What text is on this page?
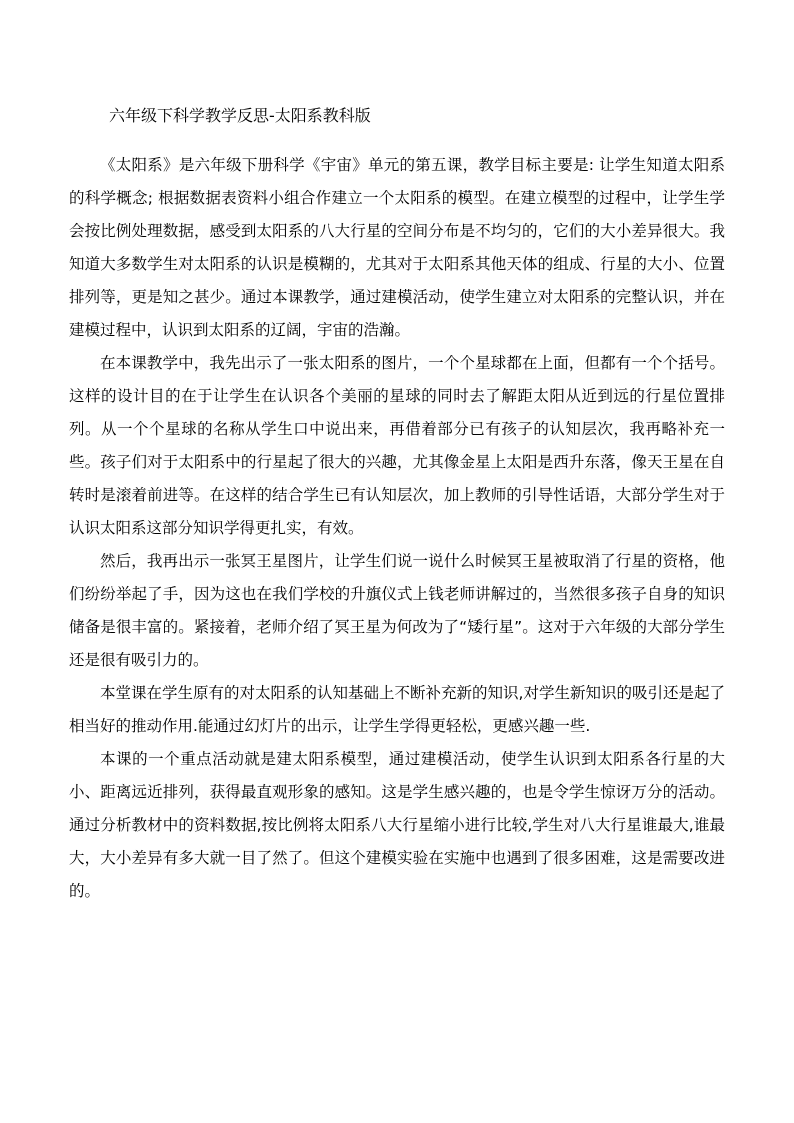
六年级下科学教学反思-太阳系教科版

《太阳系》是六年级下册科学《宇宙》单元的第五课，教学目标主要是: 让学生知道太阳系的科学概念; 根据数据表资料小组合作建立一个太阳系的模型。在建立模型的过程中，让学生学会按比例处理数据，感受到太阳系的八大行星的空间分布是不均匀的，它们的大小差异很大。我知道大多数学生对太阳系的认识是模糊的，尤其对于太阳系其他天体的组成、行星的大小、位置排列等，更是知之甚少。通过本课教学，通过建模活动，使学生建立对太阳系的完整认识，并在建模过程中，认识到太阳系的辽阔，宇宙的浩瀚。

在本课教学中，我先出示了一张太阳系的图片，一个个星球都在上面，但都有一个个括号。这样的设计目的在于让学生在认识各个美丽的星球的同时去了解距太阳从近到远的行星位置排列。从一个个星球的名称从学生口中说出来，再借着部分已有孩子的认知层次，我再略补充一些。孩子们对于太阳系中的行星起了很大的兴趣，尤其像金星上太阳是西升东落，像天王星在自转时是滚着前进等。在这样的结合学生已有认知层次，加上教师的引导性话语，大部分学生对于认识太阳系这部分知识学得更扎实，有效。

然后，我再出示一张冥王星图片，让学生们说一说什么时候冥王星被取消了行星的资格，他们纷纷举起了手，因为这也在我们学校的升旗仪式上钱老师讲解过的，当然很多孩子自身的知识储备是很丰富的。紧接着，老师介绍了冥王星为何改为了“矮行星”。这对于六年级的大部分学生还是很有吸引力的。

本堂课在学生原有的对太阳系的认知基础上不断补充新的知识,对学生新知识的吸引还是起了相当好的推动作用.能通过幻灯片的出示，让学生学得更轻松，更感兴趣一些.

本课的一个重点活动就是建太阳系模型，通过建模活动，使学生认识到太阳系各行星的大小、距离远近排列，获得最直观形象的感知。这是学生感兴趣的，也是令学生惊讶万分的活动。通过分析教材中的资料数据,按比例将太阳系八大行星缩小进行比较,学生对八大行星谁最大,谁最大，大小差异有多大就一目了然了。但这个建模实验在实施中也遇到了很多困难，这是需要改进的。
